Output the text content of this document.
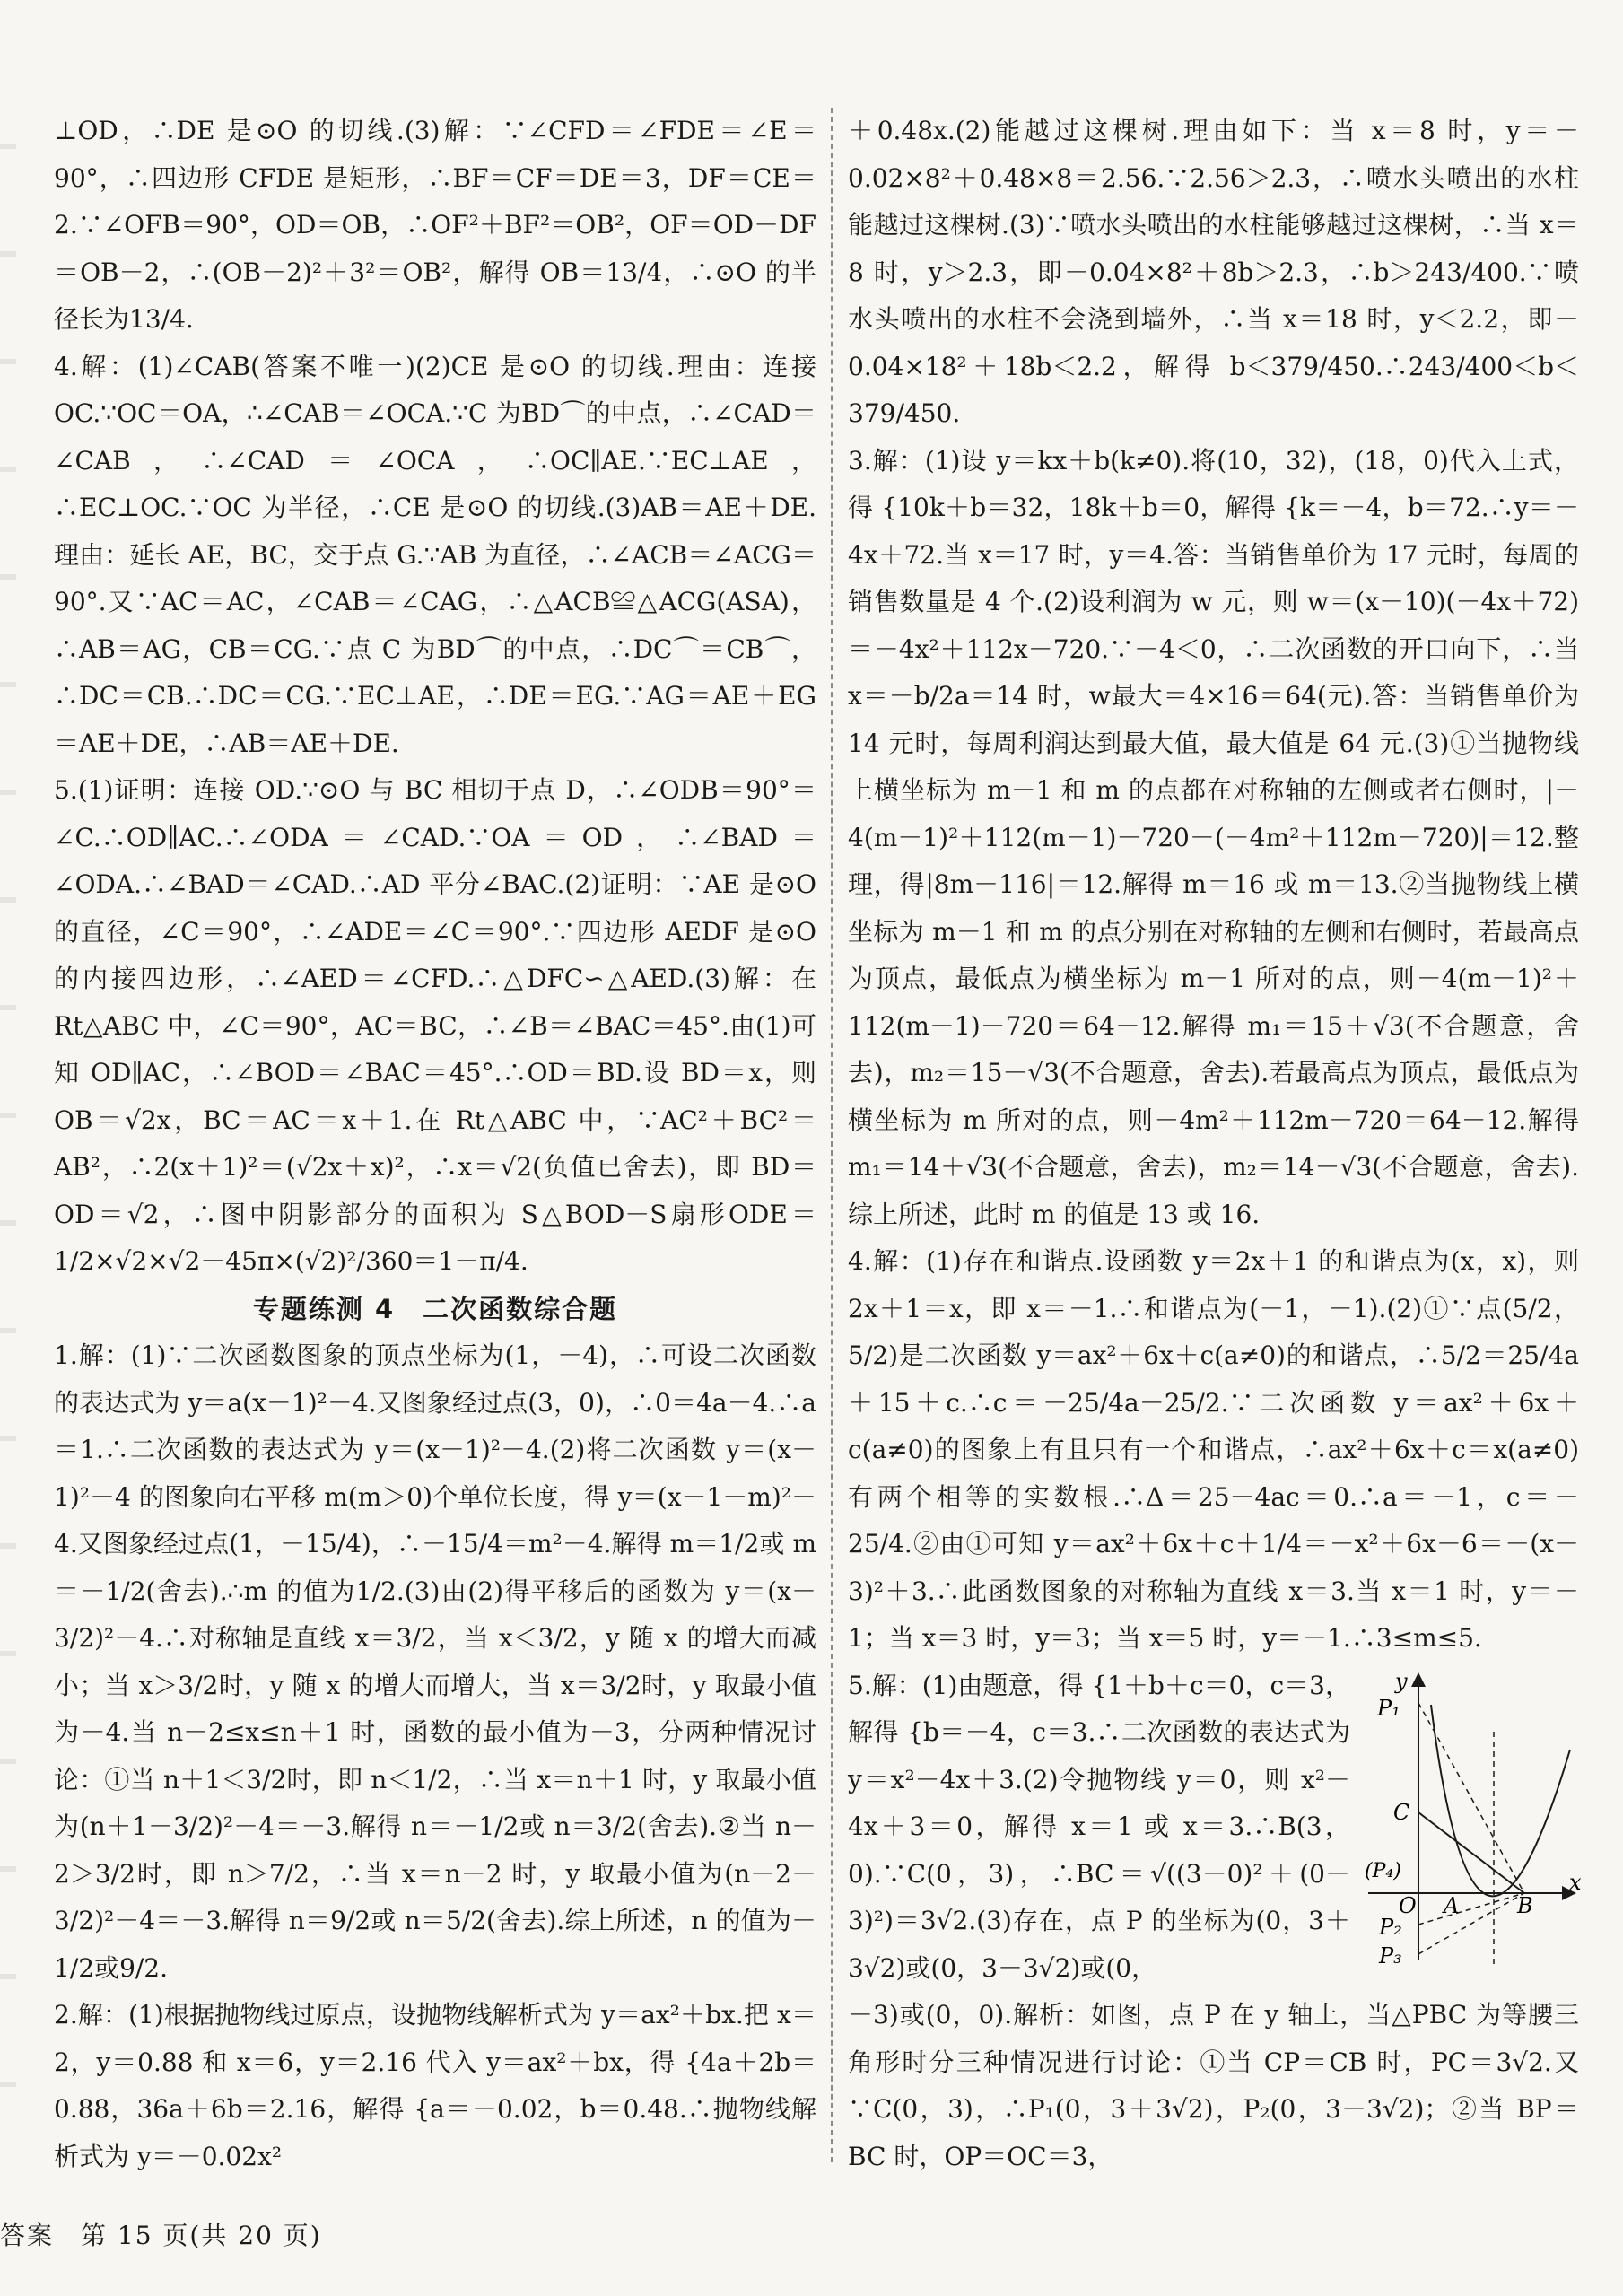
⊥OD，∴DE 是⊙O 的切线.(3)解：∵∠CFD＝∠FDE＝∠E＝90°，∴四边形 CFDE 是矩形，∴BF＝CF＝DE＝3，DF＝CE＝2.∵∠OFB＝90°，OD＝OB，∴OF²＋BF²＝OB²，OF＝OD－DF＝OB－2，∴(OB－2)²＋3²＝OB²，解得 OB＝13/4，∴⊙O 的半径长为13/4.

4.解：(1)∠CAB(答案不唯一)(2)CE 是⊙O 的切线.理由：连接 OC.∵OC＝OA，∴∠CAB＝∠OCA.∵C 为BD⌒的中点，∴∠CAD＝∠CAB，∴∠CAD＝∠OCA，∴OC∥AE.∵EC⊥AE，∴EC⊥OC.∵OC 为半径，∴CE 是⊙O 的切线.(3)AB＝AE＋DE.理由：延长 AE，BC，交于点 G.∵AB 为直径，∴∠ACB＝∠ACG＝90°.又∵AC＝AC，∠CAB＝∠CAG，∴△ACB≌△ACG(ASA)，∴AB＝AG，CB＝CG.∵点 C 为BD⌒的中点，∴DC⌒＝CB⌒，∴DC＝CB.∴DC＝CG.∵EC⊥AE，∴DE＝EG.∵AG＝AE＋EG＝AE＋DE，∴AB＝AE＋DE.

5.(1)证明：连接 OD.∵⊙O 与 BC 相切于点 D，∴∠ODB＝90°＝∠C.∴OD∥AC.∴∠ODA＝∠CAD.∵OA＝OD，∴∠BAD＝∠ODA.∴∠BAD＝∠CAD.∴AD 平分∠BAC.(2)证明：∵AE 是⊙O 的直径，∠C＝90°，∴∠ADE＝∠C＝90°.∵四边形 AEDF 是⊙O 的内接四边形，∴∠AED＝∠CFD.∴△DFC∽△AED.(3)解：在 Rt△ABC 中，∠C＝90°，AC＝BC，∴∠B＝∠BAC＝45°.由(1)可知 OD∥AC，∴∠BOD＝∠BAC＝45°.∴OD＝BD.设 BD＝x，则 OB＝√2x，BC＝AC＝x＋1.在 Rt△ABC 中，∵AC²＋BC²＝AB²，∴2(x＋1)²＝(√2x＋x)²，∴x＝√2(负值已舍去)，即 BD＝OD＝√2，∴图中阴影部分的面积为 S△BOD－S扇形ODE＝1/2×√2×√2－45π×(√2)²/360＝1－π/4.

专题练测 4　二次函数综合题

1.解：(1)∵二次函数图象的顶点坐标为(1，－4)，∴可设二次函数的表达式为 y＝a(x－1)²－4.又图象经过点(3，0)，∴0＝4a－4.∴a＝1.∴二次函数的表达式为 y＝(x－1)²－4.(2)将二次函数 y＝(x－1)²－4 的图象向右平移 m(m＞0)个单位长度，得 y＝(x－1－m)²－4.又图象经过点(1，－15/4)，∴－15/4＝m²－4.解得 m＝1/2或 m＝－1/2(舍去).∴m 的值为1/2.(3)由(2)得平移后的函数为 y＝(x－3/2)²－4.∴对称轴是直线 x＝3/2，当 x＜3/2，y 随 x 的增大而减小；当 x＞3/2时，y 随 x 的增大而增大，当 x＝3/2时，y 取最小值为－4.当 n－2≤x≤n＋1 时，函数的最小值为－3，分两种情况讨论：①当 n＋1＜3/2时，即 n＜1/2，∴当 x＝n＋1 时，y 取最小值为(n＋1－3/2)²－4＝－3.解得 n＝－1/2或 n＝3/2(舍去).②当 n－2＞3/2时，即 n＞7/2，∴当 x＝n－2 时，y 取最小值为(n－2－3/2)²－4＝－3.解得 n＝9/2或 n＝5/2(舍去).综上所述，n 的值为－1/2或9/2.

2.解：(1)根据抛物线过原点，设抛物线解析式为 y＝ax²＋bx.把 x＝2，y＝0.88 和 x＝6，y＝2.16 代入 y＝ax²＋bx，得 {4a＋2b＝0.88，36a＋6b＝2.16，解得 {a＝－0.02，b＝0.48.∴抛物线解析式为 y＝－0.02x²

＋0.48x.(2)能越过这棵树.理由如下：当 x＝8 时，y＝－0.02×8²＋0.48×8＝2.56.∵2.56＞2.3，∴喷水头喷出的水柱能越过这棵树.(3)∵喷水头喷出的水柱能够越过这棵树，∴当 x＝8 时，y＞2.3，即－0.04×8²＋8b＞2.3，∴b＞243/400.∵喷水头喷出的水柱不会浇到墙外，∴当 x＝18 时，y＜2.2，即－0.04×18²＋18b＜2.2，解得 b＜379/450.∴243/400＜b＜379/450.

3.解：(1)设 y＝kx＋b(k≠0).将(10，32)，(18，0)代入上式，得 {10k＋b＝32，18k＋b＝0，解得 {k＝－4，b＝72.∴y＝－4x＋72.当 x＝17 时，y＝4.答：当销售单价为 17 元时，每周的销售数量是 4 个.(2)设利润为 w 元，则 w＝(x－10)(－4x＋72)＝－4x²＋112x－720.∵－4＜0，∴二次函数的开口向下，∴当 x＝－b/2a＝14 时，w最大＝4×16＝64(元).答：当销售单价为 14 元时，每周利润达到最大值，最大值是 64 元.(3)①当抛物线上横坐标为 m－1 和 m 的点都在对称轴的左侧或者右侧时，|－4(m－1)²＋112(m－1)－720－(－4m²＋112m－720)|＝12.整理，得|8m－116|＝12.解得 m＝16 或 m＝13.②当抛物线上横坐标为 m－1 和 m 的点分别在对称轴的左侧和右侧时，若最高点为顶点，最低点为横坐标为 m－1 所对的点，则－4(m－1)²＋112(m－1)－720＝64－12.解得 m₁＝15＋√3(不合题意，舍去)，m₂＝15－√3(不合题意，舍去).若最高点为顶点，最低点为横坐标为 m 所对的点，则－4m²＋112m－720＝64－12.解得 m₁＝14＋√3(不合题意，舍去)，m₂＝14－√3(不合题意，舍去).综上所述，此时 m 的值是 13 或 16.

4.解：(1)存在和谐点.设函数 y＝2x＋1 的和谐点为(x，x)，则 2x＋1＝x，即 x＝－1.∴和谐点为(－1，－1).(2)①∵点(5/2，5/2)是二次函数 y＝ax²＋6x＋c(a≠0)的和谐点，∴5/2＝25/4a＋15＋c.∴c＝－25/4a－25/2.∵二次函数 y＝ax²＋6x＋c(a≠0)的图象上有且只有一个和谐点，∴ax²＋6x＋c＝x(a≠0)有两个相等的实数根.∴Δ＝25－4ac＝0.∴a＝－1，c＝－25/4.②由①可知 y＝ax²＋6x＋c＋1/4＝－x²＋6x－6＝－(x－3)²＋3.∴此函数图象的对称轴为直线 x＝3.当 x＝1 时，y＝－1；当 x＝3 时，y＝3；当 x＝5 时，y＝－1.∴3≤m≤5.

5.解：(1)由题意，得 {1＋b＋c＝0，c＝3，解得 {b＝－4，c＝3.∴二次函数的表达式为 y＝x²－4x＋3.(2)令抛物线 y＝0，则 x²－4x＋3＝0，解得 x＝1 或 x＝3.∴B(3，0).∵C(0，3)，∴BC＝√((3－0)²＋(0－3)²)＝3√2.(3)存在，点 P 的坐标为(0，3＋3√2)或(0，3－3√2)或(0，

－3)或(0，0).解析：如图，点 P 在 y 轴上，当△PBC 为等腰三角形时分三种情况进行讨论：①当 CP＝CB 时，PC＝3√2.又∵C(0，3)，∴P₁(0，3＋3√2)，P₂(0，3－3√2)；②当 BP＝BC 时，OP＝OC＝3，

y
x
P₁
C
(P₄)
O A	B
P₂
P₃
答案　第 15 页(共 20 页)
